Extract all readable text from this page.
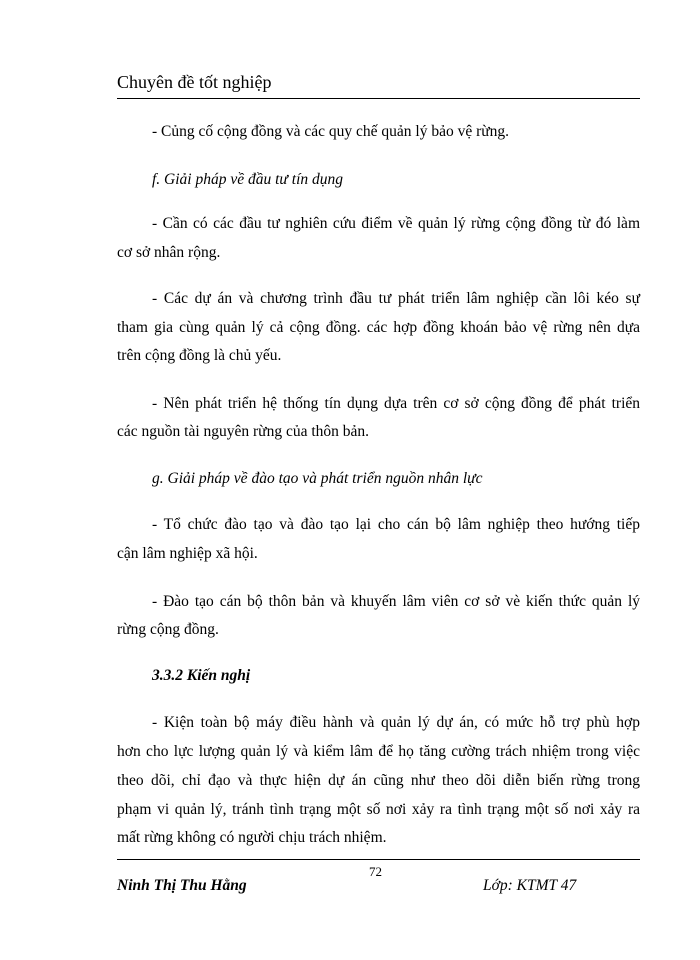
Chuyên đề tốt nghiệp
- Củng cố cộng đồng và các quy chế quản lý bảo vệ rừng.
f. Giải pháp về đầu tư tín dụng
- Cần có các đầu tư nghiên cứu điểm về quản lý rừng cộng đồng từ đó làm
cơ sở nhân rộng.
- Các dự án và chương trình đầu tư phát triển lâm nghiệp cần lôi kéo sự
tham gia cùng quản lý cả cộng đồng. các hợp đồng khoán bảo vệ rừng nên dựa
trên cộng đồng là chủ yếu.
- Nên phát triển hệ thống tín dụng dựa trên cơ sở cộng đồng để phát triển
các nguồn tài nguyên rừng của thôn bản.
g. Giải pháp về đào tạo và phát triển nguồn nhân lực
- Tổ chức đào tạo và đào tạo lại cho cán bộ lâm nghiệp theo hướng tiếp
cận lâm nghiệp xã hội.
- Đào tạo cán bộ thôn bản và khuyến lâm viên cơ sở vè kiến thức quản lý
rừng cộng đồng.
3.3.2 Kiến nghị
- Kiện toàn bộ máy điều hành và quản lý dự án, có mức hỗ trợ phù hợp
hơn cho lực lượng quản lý và kiểm lâm để họ tăng cường trách nhiệm trong việc
theo dõi, chỉ đạo và thực hiện dự án cũng như theo dõi diễn biến rừng trong
phạm vi quản lý, tránh tình trạng một số nơi xảy ra tình trạng một số nơi xảy ra
mất rừng không có người chịu trách nhiệm.
Ninh Thị Thu Hằng
72
Lớp: KTMT 47
